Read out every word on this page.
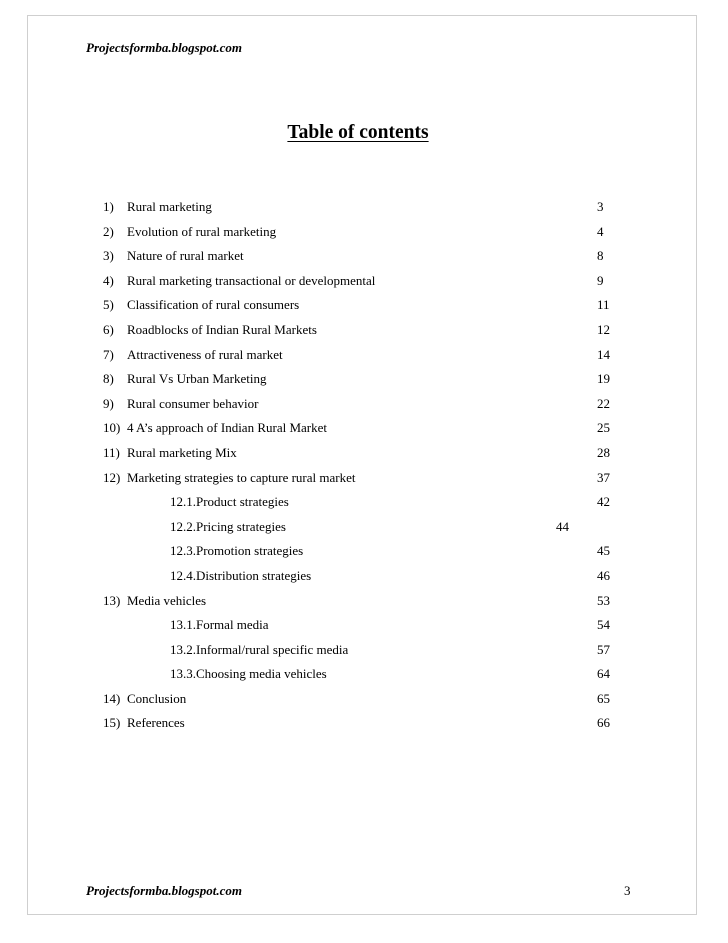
Projectsformba.blogspot.com
Table of contents
1) Rural marketing	3
2) Evolution of rural marketing	4
3) Nature of rural market	8
4) Rural marketing transactional or developmental	9
5) Classification of rural consumers	11
6) Roadblocks of Indian Rural Markets	12
7) Attractiveness of rural market	14
8) Rural Vs Urban Marketing	19
9) Rural consumer behavior	22
10) 4 A’s approach of Indian Rural Market	25
11) Rural marketing Mix	28
12) Marketing strategies to capture rural market	37
12.1.Product strategies	42
12.2.Pricing strategies	44
12.3.Promotion strategies	45
12.4.Distribution strategies	46
13) Media vehicles	53
13.1.Formal media	54
13.2.Informal/rural specific media	57
13.3.Choosing media vehicles	64
14) Conclusion	65
15) References	66
Projectsformba.blogspot.com	3
